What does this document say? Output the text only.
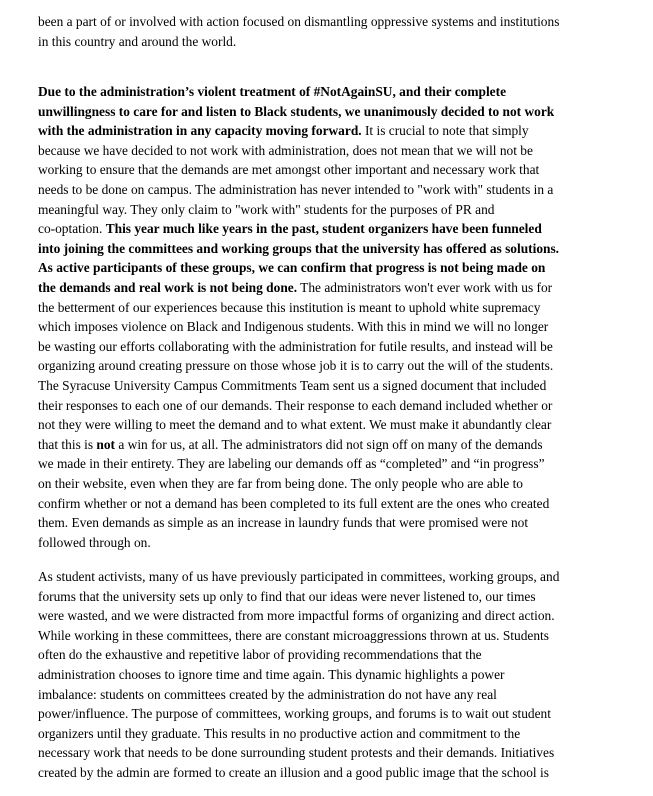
been a part of or involved with action focused on dismantling oppressive systems and institutions
in this country and around the world.
Due to the administration’s violent treatment of #NotAgainSU, and their complete
unwillingness to care for and listen to Black students, we unanimously decided to not work
with the administration in any capacity moving forward. It is crucial to note that simply
because we have decided to not work with administration, does not mean that we will not be
working to ensure that the demands are met amongst other important and necessary work that
needs to be done on campus. The administration has never intended to "work with" students in a
meaningful way. They only claim to "work with" students for the purposes of PR and
co-optation. This year much like years in the past, student organizers have been funneled
into joining the committees and working groups that the university has offered as solutions.
As active participants of these groups, we can confirm that progress is not being made on
the demands and real work is not being done. The administrators won't ever work with us for
the betterment of our experiences because this institution is meant to uphold white supremacy
which imposes violence on Black and Indigenous students. With this in mind we will no longer
be wasting our efforts collaborating with the administration for futile results, and instead will be
organizing around creating pressure on those whose job it is to carry out the will of the students.
The Syracuse University Campus Commitments Team sent us a signed document that included
their responses to each one of our demands. Their response to each demand included whether or
not they were willing to meet the demand and to what extent. We must make it abundantly clear
that this is not a win for us, at all. The administrators did not sign off on many of the demands
we made in their entirety. They are labeling our demands off as “completed” and “in progress”
on their website, even when they are far from being done. The only people who are able to
confirm whether or not a demand has been completed to its full extent are the ones who created
them. Even demands as simple as an increase in laundry funds that were promised were not
followed through on.
As student activists, many of us have previously participated in committees, working groups, and
forums that the university sets up only to find that our ideas were never listened to, our times
were wasted, and we were distracted from more impactful forms of organizing and direct action.
While working in these committees, there are constant microaggressions thrown at us. Students
often do the exhaustive and repetitive labor of providing recommendations that the
administration chooses to ignore time and time again. This dynamic highlights a power
imbalance: students on committees created by the administration do not have any real
power/influence. The purpose of committees, working groups, and forums is to wait out student
organizers until they graduate. This results in no productive action and commitment to the
necessary work that needs to be done surrounding student protests and their demands. Initiatives
created by the admin are formed to create an illusion and a good public image that the school is
